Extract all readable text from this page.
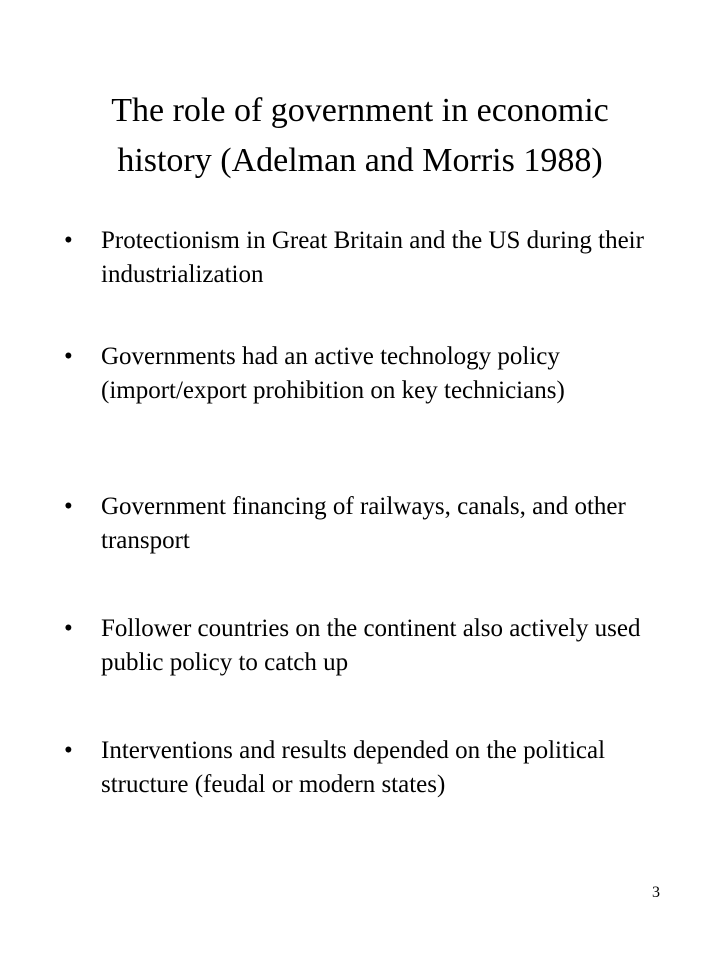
The role of government in economic
history (Adelman and Morris 1988)
•	Protectionism in Great Britain and the US during their industrialization
•	Governments had an active technology policy (import/export prohibition on key technicians)
•	Government financing of railways, canals, and other transport
•	Follower countries on the continent also actively used public policy to catch up
•	Interventions and results depended on the political structure (feudal or modern states)
3
